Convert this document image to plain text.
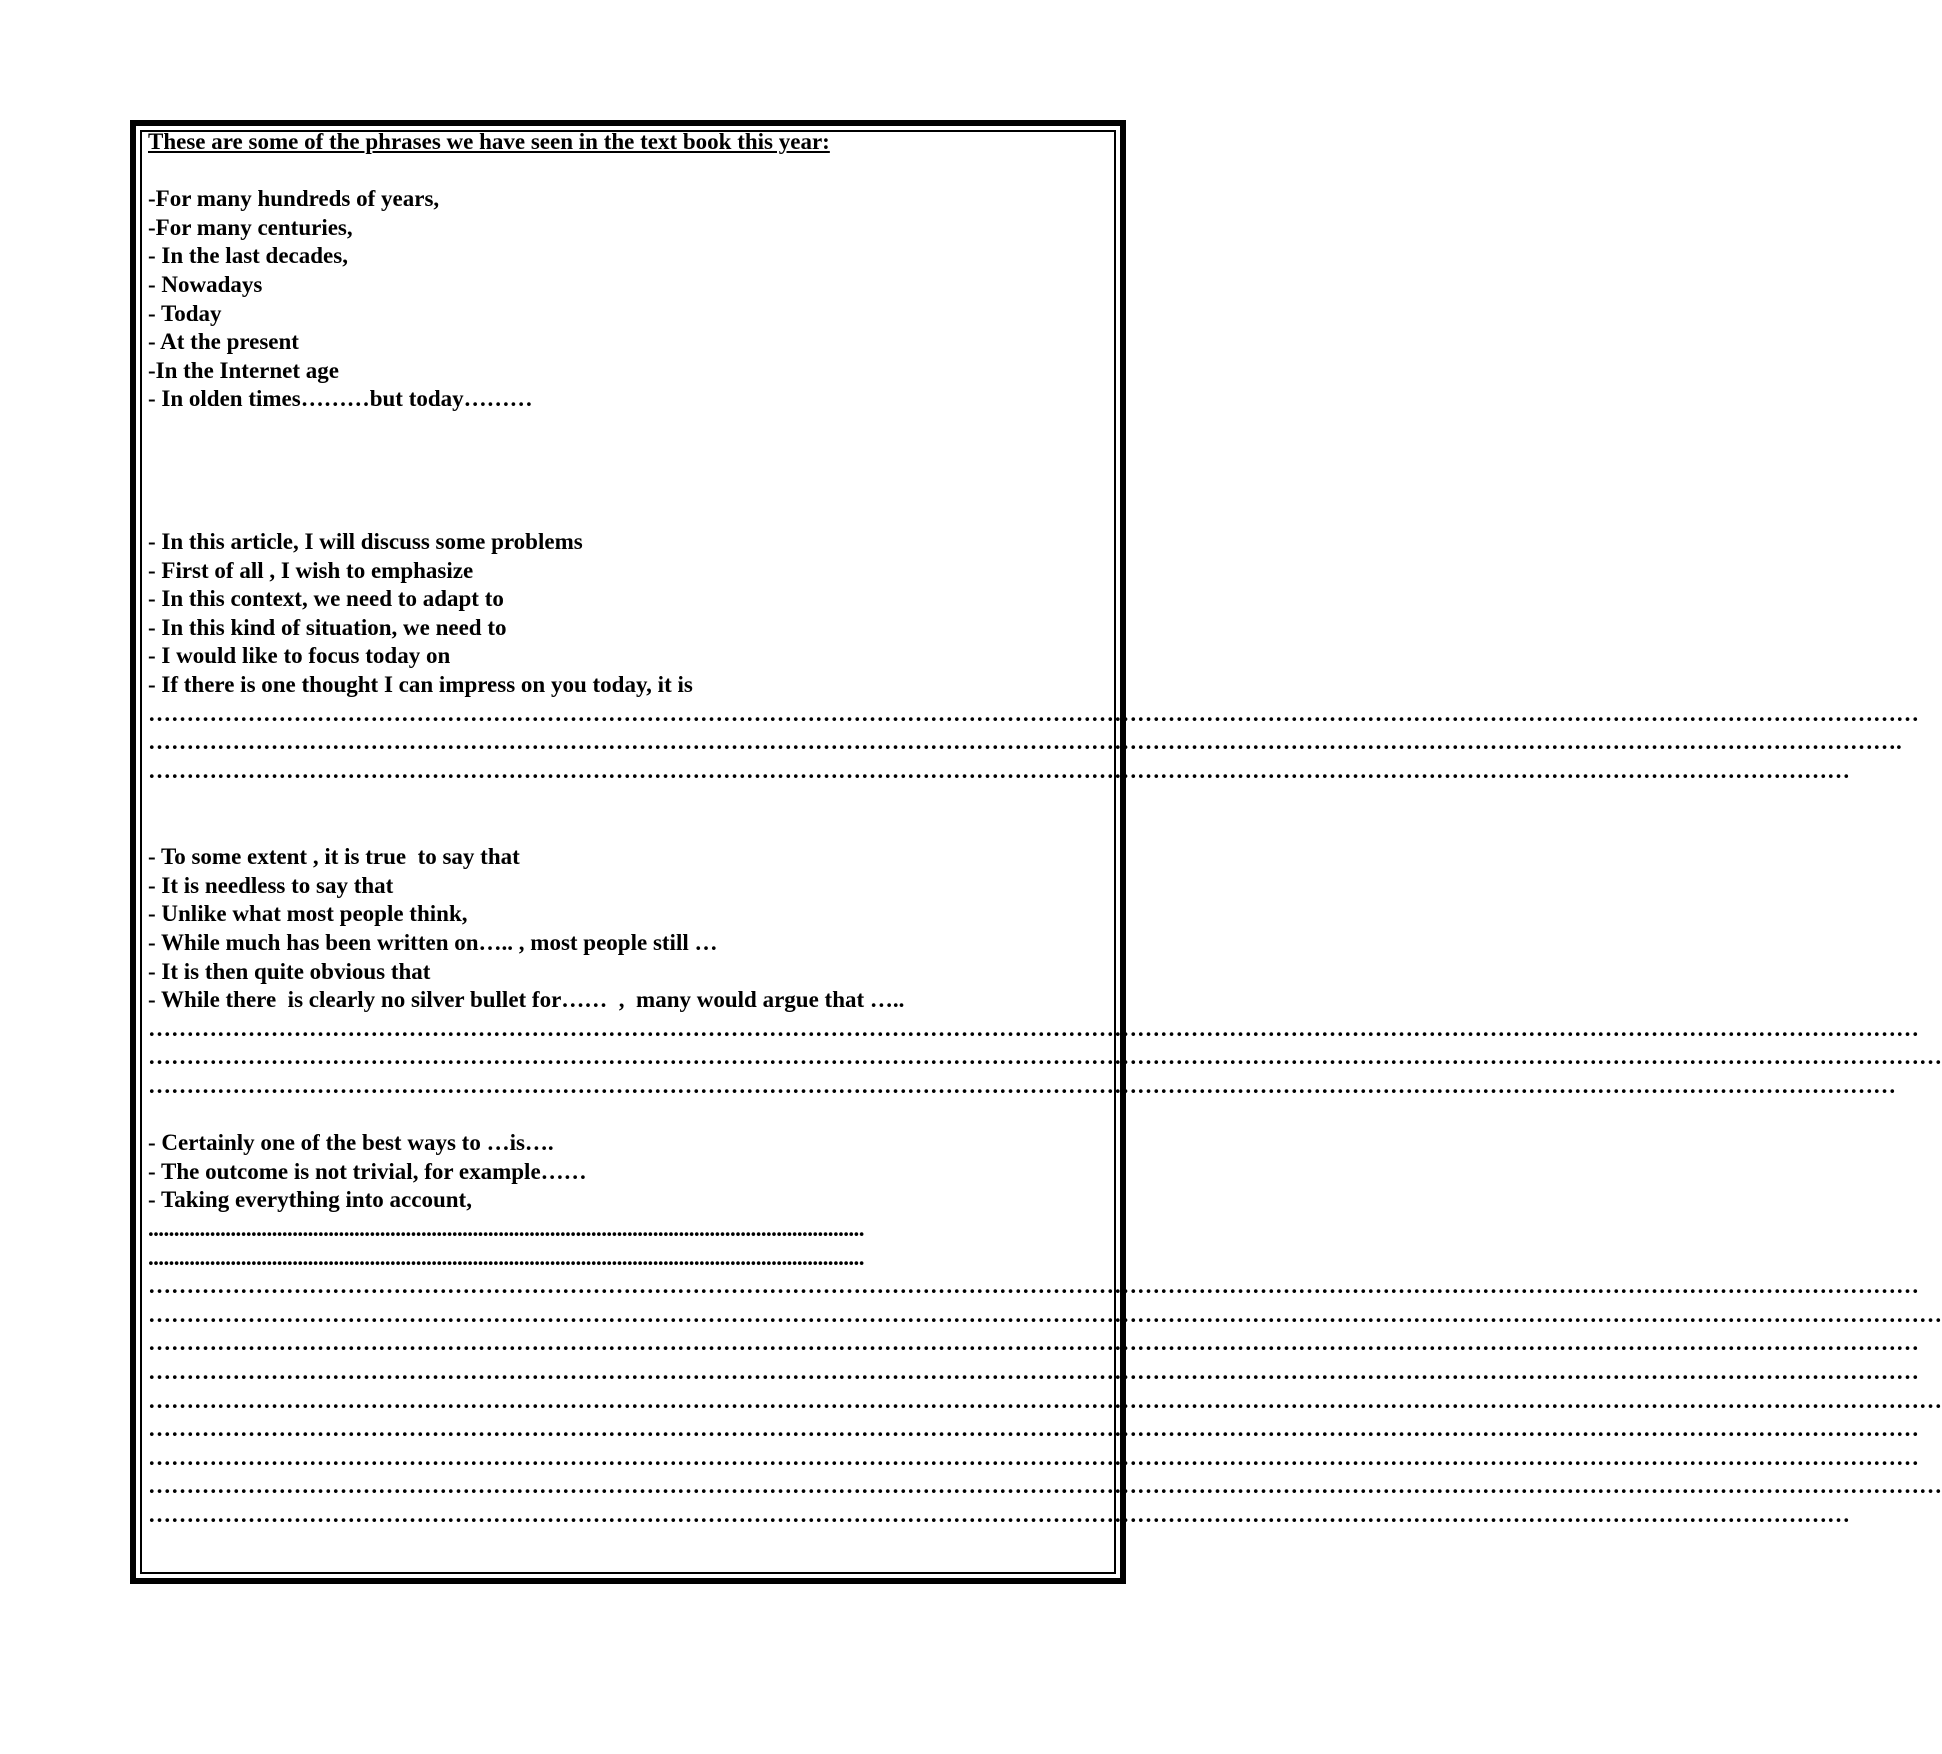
These are some of the phrases we have seen in the text book this year:
-For many hundreds of years,
-For many centuries,
- In the last decades,
- Nowadays
- Today
- At the present
-In the Internet age
- In olden times………but today………
- In this article, I will discuss some problems
- First of all , I wish to emphasize
- In this context, we need to adapt to
- In this kind of situation, we need to
- I would like to focus today on
- If there is one thought I can impress on you today, it is
……………………………………………………………………………………………………………………………………………………………………………………………………………
………………………………………………………………………………………………………………………………………………………………………………………………………….
……………………………………………………………………………………………………………………………………………………………………………………………………
- To some extent , it is true  to say that
- It is needless to say that
- Unlike what most people think,
- While much has been written on….. , most people still …
- It is then quite obvious that
- While there  is clearly no silver bullet for……  ,  many would argue that …..
……………………………………………………………………………………………………………………………………………………………………………………………………………
………………………………………………………………………………………………………………………………………………………………………………………………………………
…………………………………………………………………………………………………………………………………………………………………………………………………………
- Certainly one of the best ways to …is….
- The outcome is not trivial, for example……
- Taking everything into account,
...........................................................................................................................................
...........................................................................................................................................
……………………………………………………………………………………………………………………………………………………………………………………………………………
………………………………………………………………………………………………………………………………………………………………………………………………………………
……………………………………………………………………………………………………………………………………………………………………………………………………………
……………………………………………………………………………………………………………………………………………………………………………………………………………
………………………………………………………………………………………………………………………………………………………………………………………………………………
……………………………………………………………………………………………………………………………………………………………………………………………………………
……………………………………………………………………………………………………………………………………………………………………………………………………………
………………………………………………………………………………………………………………………………………………………………………………………………………………
……………………………………………………………………………………………………………………………………………………………………………………………………
